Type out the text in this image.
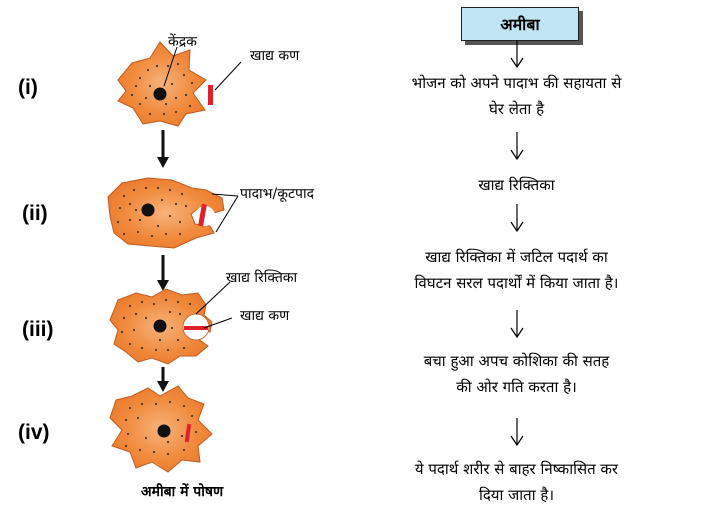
(i)
(ii)
(iii)
(iv)
केंद्रक
खाद्य कण
पादाभ/कूटपाद
खाद्य रिक्तिका
खाद्य कण
अमीबा में पोषण
अमीबा
भोजन को अपने पादाभ की सहायता से
घेर लेता है
खाद्य रिक्तिका
खाद्य रिक्तिका में जटिल पदार्थ का
विघटन सरल पदार्थों में किया जाता है।
बचा हुआ अपच कोशिका की सतह
की ओर गति करता है।
ये पदार्थ शरीर से बाहर निष्कासित कर
दिया जाता है।
